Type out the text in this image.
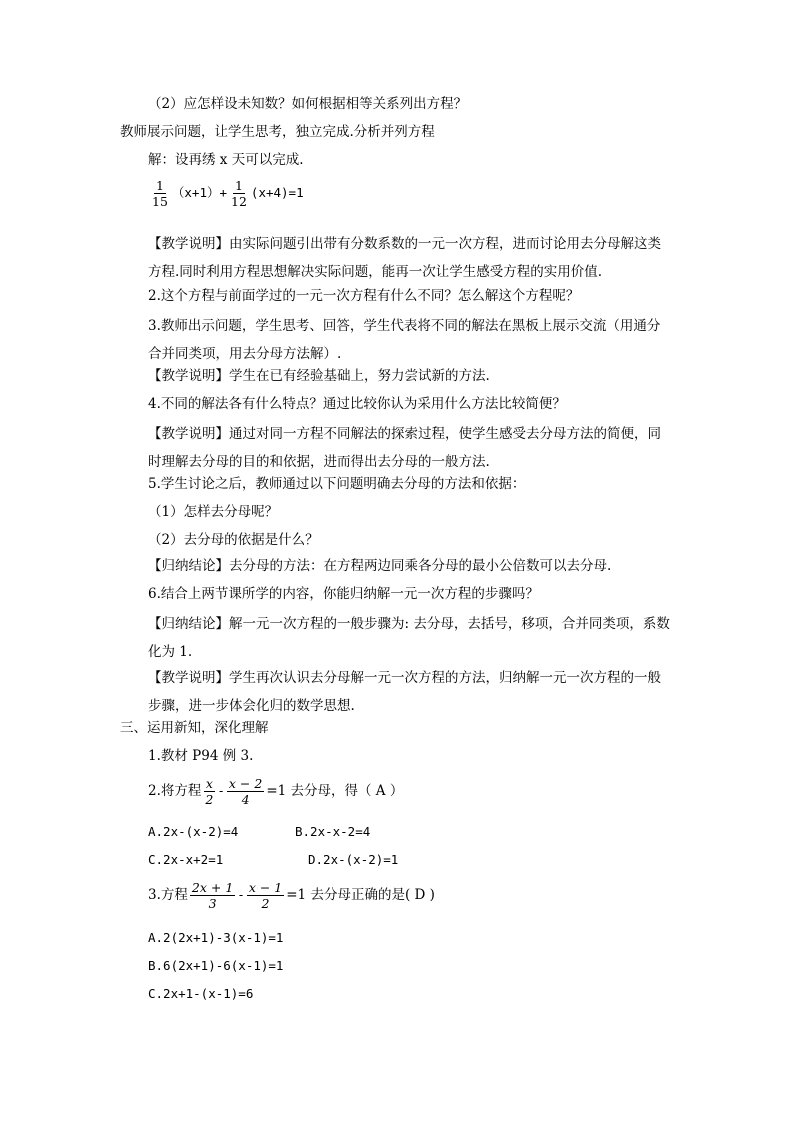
（2）应怎样设未知数？如何根据相等关系列出方程？
教师展示问题，让学生思考，独立完成.分析并列方程
解：设再绣 x 天可以完成.
$\frac{1}{15} (x+1)+ \frac{1}{12} (x+4)=1$
【教学说明】由实际问题引出带有分数系数的一元一次方程，进而讨论用去分母解这类方程.同时利用方程思想解决实际问题，能再一次让学生感受方程的实用价值.
2.这个方程与前面学过的一元一次方程有什么不同？怎么解这个方程呢？
3.教师出示问题，学生思考、回答，学生代表将不同的解法在黑板上展示交流（用通分合并同类项，用去分母方法解）.
【教学说明】学生在已有经验基础上，努力尝试新的方法.
4.不同的解法各有什么特点？通过比较你认为采用什么方法比较简便？
【教学说明】通过对同一方程不同解法的探索过程，使学生感受去分母方法的简便，同时理解去分母的目的和依据，进而得出去分母的一般方法.
5.学生讨论之后，教师通过以下问题明确去分母的方法和依据：
（1）怎样去分母呢？
（2）去分母的依据是什么？
【归纳结论】去分母的方法：在方程两边同乘各分母的最小公倍数可以去分母.
6.结合上两节课所学的内容，你能归纳解一元一次方程的步骤吗？
【归纳结论】解一元一次方程的一般步骤为: 去分母，去括号，移项，合并同类项，系数化为 1.
【教学说明】学生再次认识去分母解一元一次方程的方法，归纳解一元一次方程的一般步骤，进一步体会化归的数学思想.
三、运用新知，深化理解
1.教材 P94 例 3.
2.将方程 $\frac{x}{2} - \frac{x - 2}{4} =1$ 去分母，得（ A ）
A.2x-(x-2)=4	B.2x-x-2=4
C.2x-x+2=1	D.2x-(x-2)=1
3.方程 $\frac{2x + 1}{3} - \frac{x - 1}{2} =1$ 去分母正确的是( D )
A.2(2x+1)-3(x-1)=1
B.6(2x+1)-6(x-1)=1
C.2x+1-(x-1)=6
